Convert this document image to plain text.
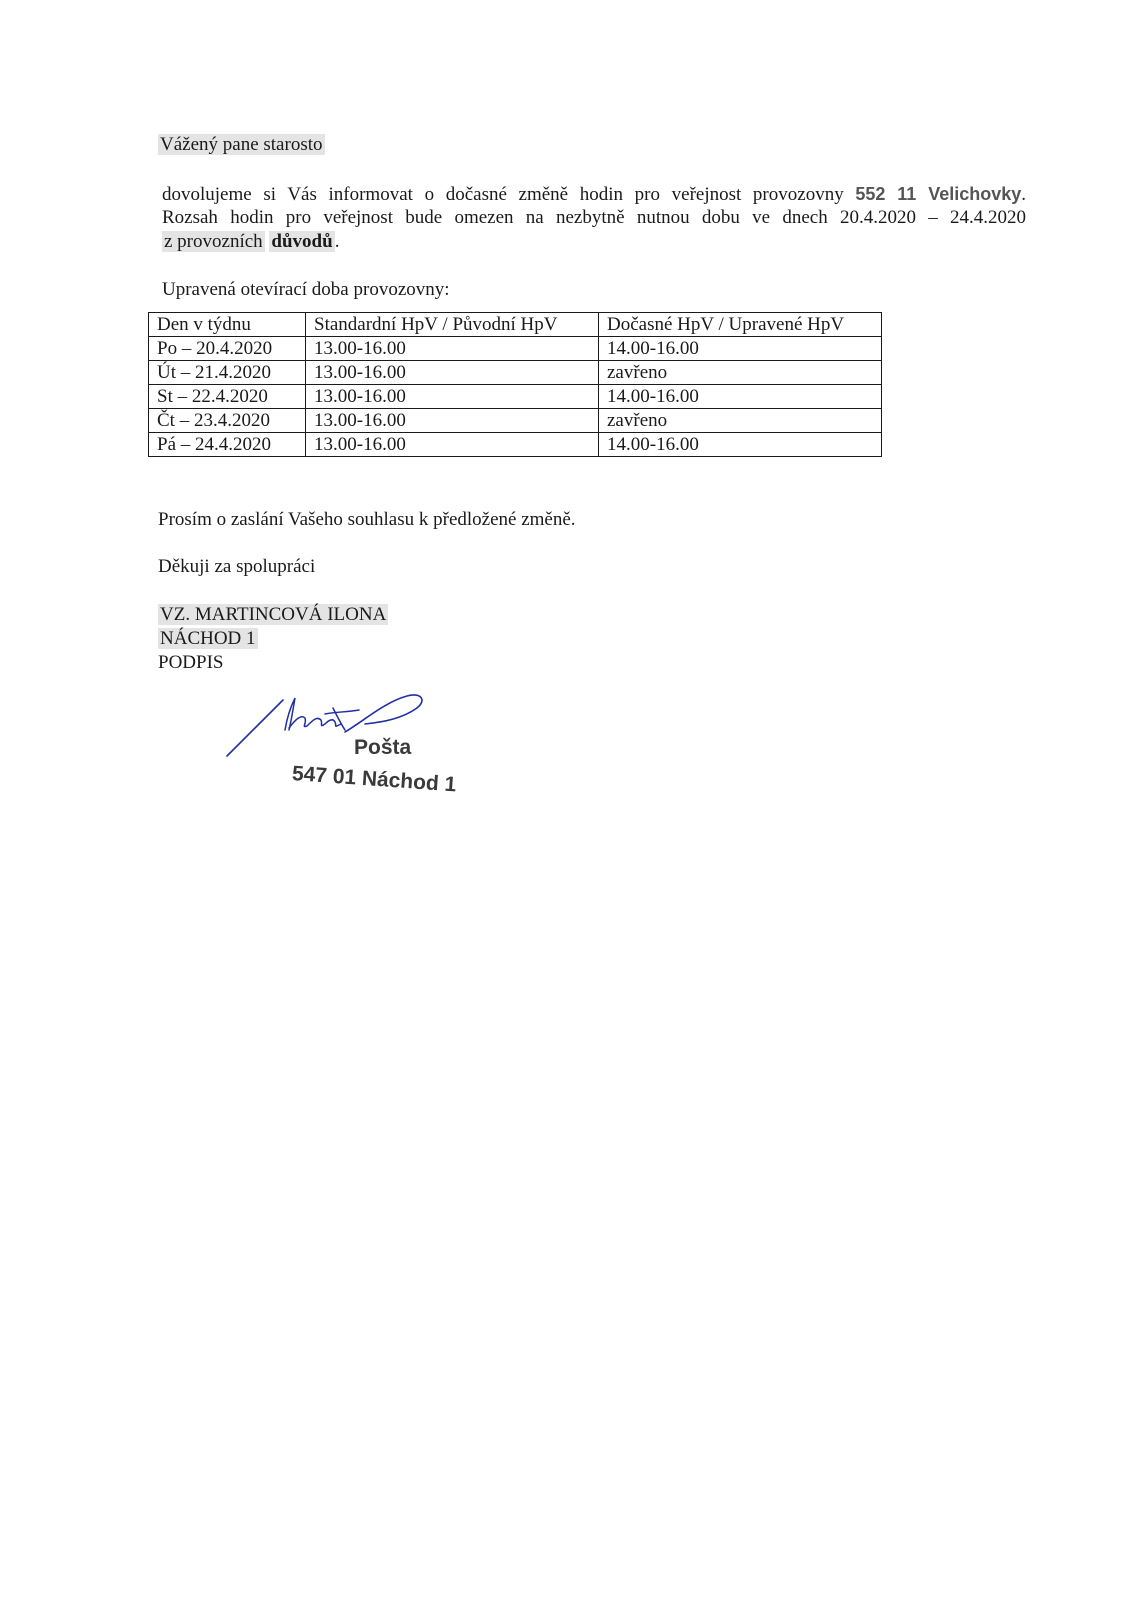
Vážený pane starosto

dovolujeme si Vás informovat o dočasné změně hodin pro veřejnost provozovny 552 11 Velichovky.

Rozsah hodin pro veřejnost bude omezen na nezbytně nutnou dobu ve dnech 20.4.2020 – 24.4.2020

z provozních důvodů .

Upravená otevírací doba provozovny:

Den v týdnu	Standardní HpV / Původní HpV	Dočasné HpV / Upravené HpV
Po – 20.4.2020	13.00-16.00	14.00-16.00
Út – 21.4.2020	13.00-16.00	zavřeno
St – 22.4.2020	13.00-16.00	14.00-16.00
Čt – 23.4.2020	13.00-16.00	zavřeno
Pá – 24.4.2020	13.00-16.00	14.00-16.00

Prosím o zaslání Vašeho souhlasu k předložené změně.

Děkuji za spolupráci

VZ. MARTINCOVÁ ILONA

NÁCHOD 1

PODPIS

Pošta
547 01 Náchod 1
